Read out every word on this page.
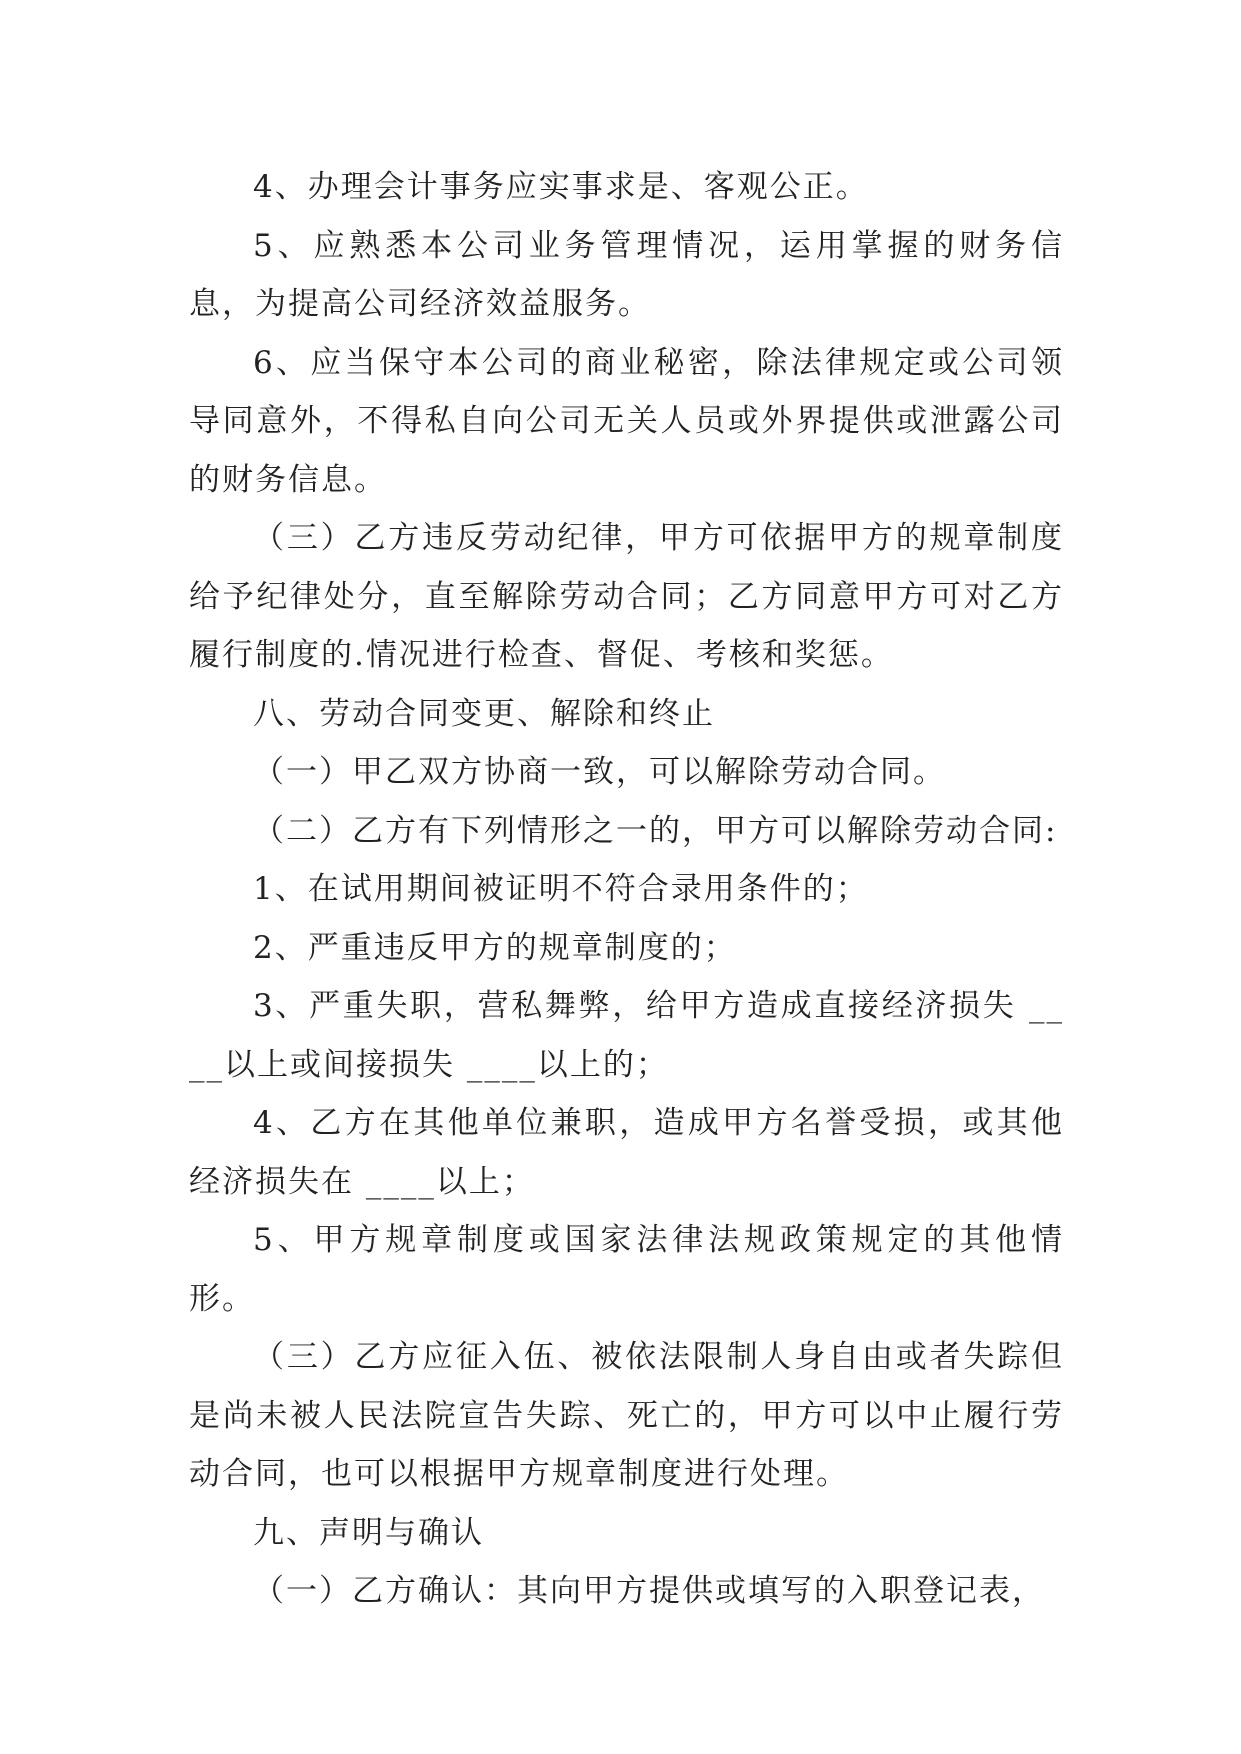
4、办理会计事务应实事求是、客观公正。

5、应熟悉本公司业务管理情况，运用掌握的财务信息，为提高公司经济效益服务。

6、应当保守本公司的商业秘密，除法律规定或公司领导同意外，不得私自向公司无关人员或外界提供或泄露公司的财务信息。

（三）乙方违反劳动纪律，甲方可依据甲方的规章制度给予纪律处分，直至解除劳动合同；乙方同意甲方可对乙方履行制度的.情况进行检查、督促、考核和奖惩。

八、劳动合同变更、解除和终止

（一）甲乙双方协商一致，可以解除劳动合同。

（二）乙方有下列情形之一的，甲方可以解除劳动合同:

1、在试用期间被证明不符合录用条件的；

2、严重违反甲方的规章制度的；

3、严重失职，营私舞弊，给甲方造成直接经济损失 ____以上或间接损失 ____以上的；

4、乙方在其他单位兼职，造成甲方名誉受损，或其他经济损失在 ____以上；

5、甲方规章制度或国家法律法规政策规定的其他情形。

（三）乙方应征入伍、被依法限制人身自由或者失踪但是尚未被人民法院宣告失踪、死亡的，甲方可以中止履行劳动合同，也可以根据甲方规章制度进行处理。

九、声明与确认

（一）乙方确认：其向甲方提供或填写的入职登记表，
